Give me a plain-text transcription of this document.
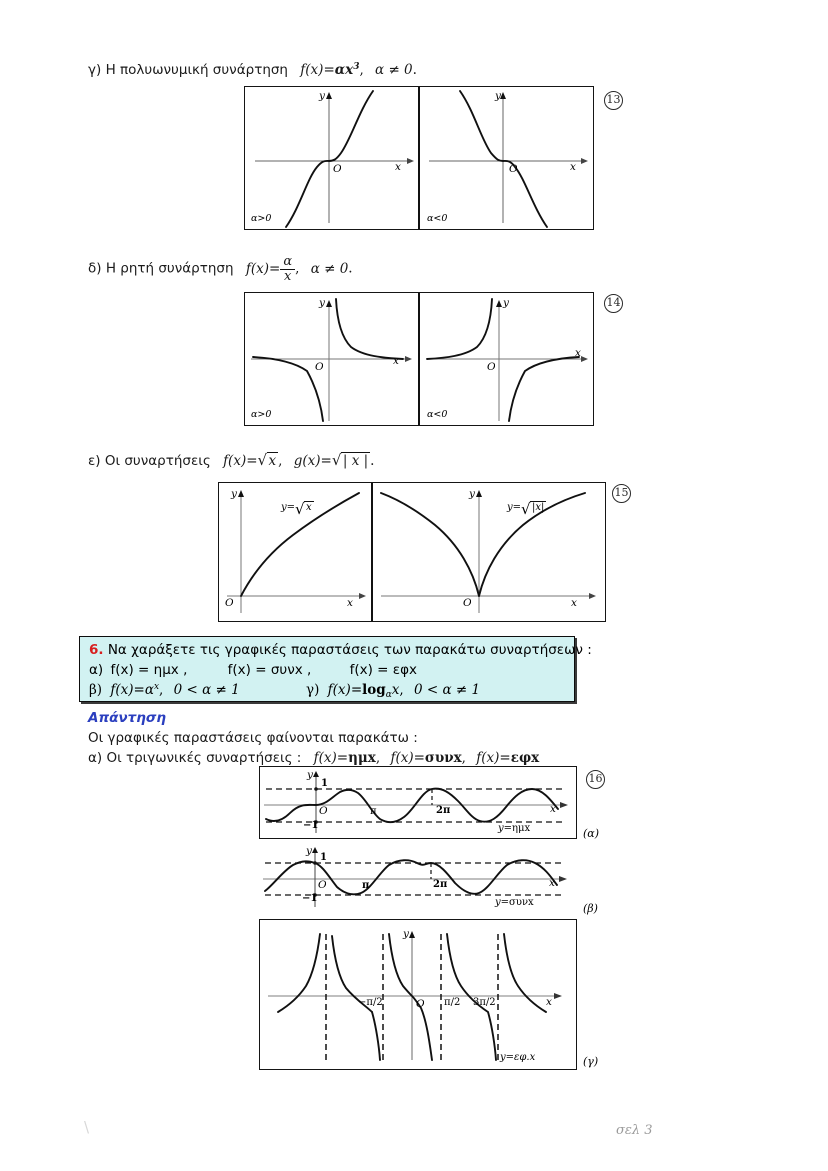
γ) Η πολυωνυμική συνάρτηση $f(x)=\alpha x^3$, α ≠ 0.
x
y
O
α>0
x
y
O
α<0
13
δ) Η ρητή συνάρτηση $f(x)= \frac{\alpha}{x}$ , α ≠ 0.
x
y
O
α>0
x
y
O
α<0
14
ε) Οι συναρτήσεις f(x)= √ x , g(x)= √ | x | .
x
y
O
y= √ x
x
y
O
y= √ |x|
15
6. Να χαράξετε τις γραφικές παραστάσεις των παρακάτω συναρτήσεων :
α) f(x) = ημx ,	f(x) = συνx ,	f(x) = εφx
β) $f(x)=\alpha^x$, 0 < α ≠ 1	γ) $f(x)=\log_\alpha x$, 0 < α ≠ 1
Απάντηση
Οι γραφικές παραστάσεις φαίνονται παρακάτω :
α) Οι τριγωνικές συναρτήσεις : f(x)=ημx, f(x)=συνx, f(x)=εφx
x
y
O	π	2π
1
−1	y=ημx
16
(α)
x
y
O	π	2π
1
−1	y=συνx	(β)
x
y
O
−π/2	π/2 3π/2
y=εφ.x	(γ)
σελ 3
\
